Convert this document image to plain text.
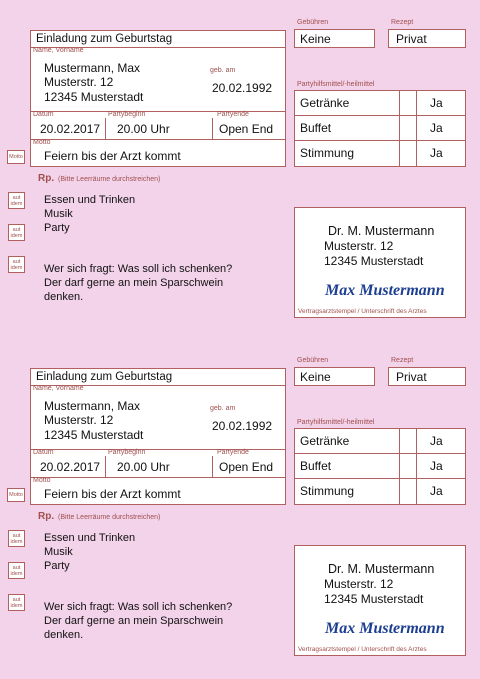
Einladung zum Geburtstag
Name, Vorname
Mustermann, Max
Musterstr. 12
12345 Musterstadt
geb. am
20.02.1992
Datum
20.02.2017
Partybeginn
20.00 Uhr
Partyende
Open End
Motto
Motto
Feiern bis der Arzt kommt
Gebühren
Keine
Rezept
Privat
Partyhilfsmittel/-heilmittel
Getränke	Ja
Buffet	Ja
Stimmung	Ja
Rp. (Bitte Leerräume durchstreichen)
aut idem
aut idem
aut idem
Essen und Trinken
Musik
Party
Wer sich fragt: Was soll ich schenken?
Der darf gerne an mein Sparschwein
denken.
Dr. M. Mustermann
Musterstr. 12
12345 Musterstadt
Max Mustermann
Vertragsarztstempel / Unterschrift des Arztes
Einladung zum Geburtstag
Name, Vorname
Mustermann, Max
Musterstr. 12
12345 Musterstadt
geb. am
20.02.1992
Datum
20.02.2017
Partybeginn
20.00 Uhr
Partyende
Open End
Motto
Motto
Feiern bis der Arzt kommt
Gebühren
Keine
Rezept
Privat
Partyhilfsmittel/-heilmittel
Getränke	Ja
Buffet	Ja
Stimmung	Ja
Rp. (Bitte Leerräume durchstreichen)
aut idem
aut idem
aut idem
Essen und Trinken
Musik
Party
Wer sich fragt: Was soll ich schenken?
Der darf gerne an mein Sparschwein
denken.
Dr. M. Mustermann
Musterstr. 12
12345 Musterstadt
Max Mustermann
Vertragsarztstempel / Unterschrift des Arztes
